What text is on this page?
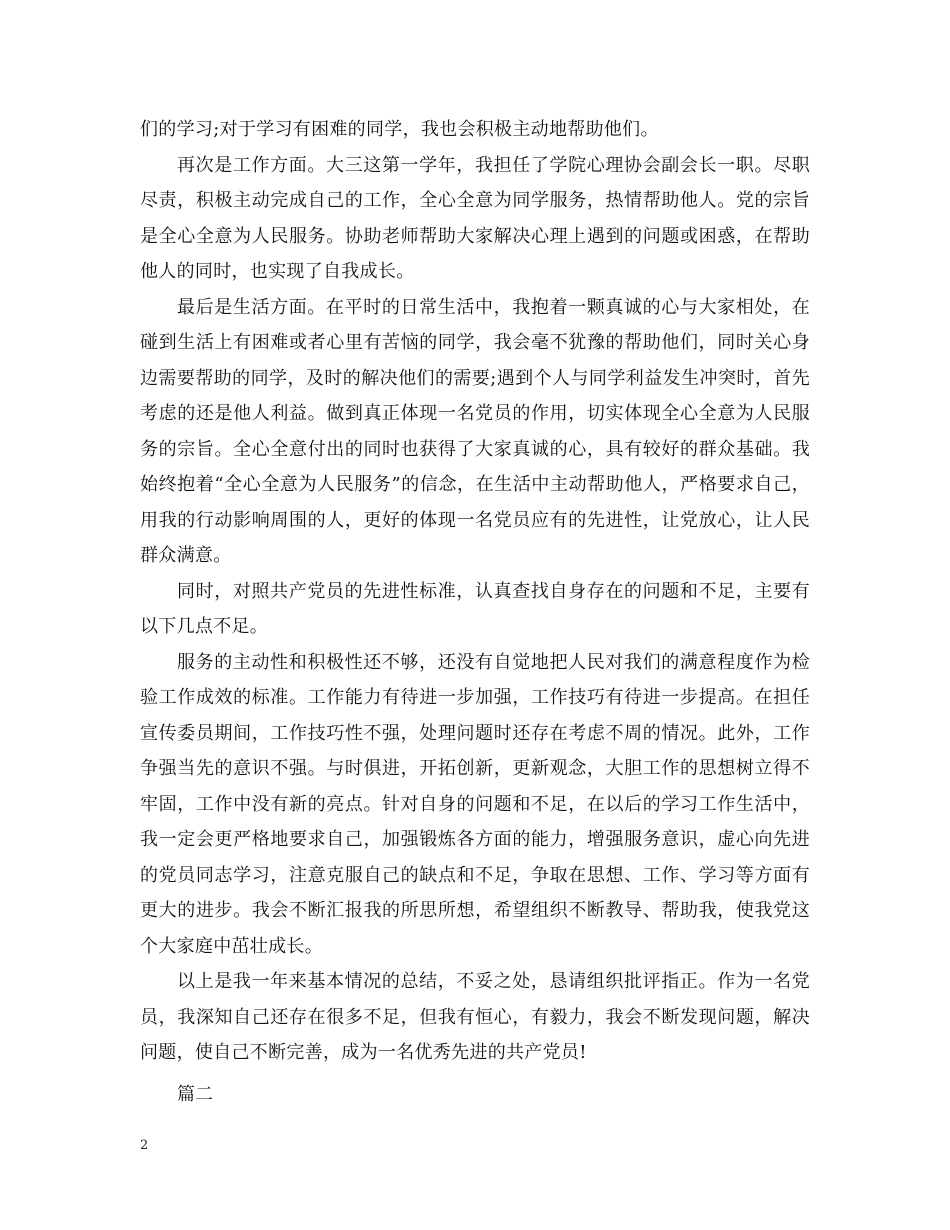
们的学习;对于学习有困难的同学，我也会积极主动地帮助他们。

再次是工作方面。大三这第一学年，我担任了学院心理协会副会长一职。尽职尽责，积极主动完成自己的工作，全心全意为同学服务，热情帮助他人。党的宗旨是全心全意为人民服务。协助老师帮助大家解决心理上遇到的问题或困惑，在帮助他人的同时，也实现了自我成长。

最后是生活方面。在平时的日常生活中，我抱着一颗真诚的心与大家相处，在碰到生活上有困难或者心里有苦恼的同学，我会毫不犹豫的帮助他们，同时关心身边需要帮助的同学，及时的解决他们的需要;遇到个人与同学利益发生冲突时，首先考虑的还是他人利益。做到真正体现一名党员的作用，切实体现全心全意为人民服务的宗旨。全心全意付出的同时也获得了大家真诚的心，具有较好的群众基础。我始终抱着“全心全意为人民服务”的信念，在生活中主动帮助他人，严格要求自己，用我的行动影响周围的人，更好的体现一名党员应有的先进性，让党放心，让人民群众满意。

同时，对照共产党员的先进性标准，认真查找自身存在的问题和不足，主要有以下几点不足。

服务的主动性和积极性还不够，还没有自觉地把人民对我们的满意程度作为检验工作成效的标准。工作能力有待进一步加强，工作技巧有待进一步提高。在担任宣传委员期间，工作技巧性不强，处理问题时还存在考虑不周的情况。此外，工作争强当先的意识不强。与时俱进，开拓创新，更新观念，大胆工作的思想树立得不牢固，工作中没有新的亮点。针对自身的问题和不足，在以后的学习工作生活中，我一定会更严格地要求自己，加强锻炼各方面的能力，增强服务意识，虚心向先进的党员同志学习，注意克服自己的缺点和不足，争取在思想、工作、学习等方面有更大的进步。我会不断汇报我的所思所想，希望组织不断教导、帮助我，使我党这个大家庭中茁壮成长。

以上是我一年来基本情况的总结，不妥之处，恳请组织批评指正。作为一名党员，我深知自己还存在很多不足，但我有恒心，有毅力，我会不断发现问题，解决问题，使自己不断完善，成为一名优秀先进的共产党员!

篇二

2
